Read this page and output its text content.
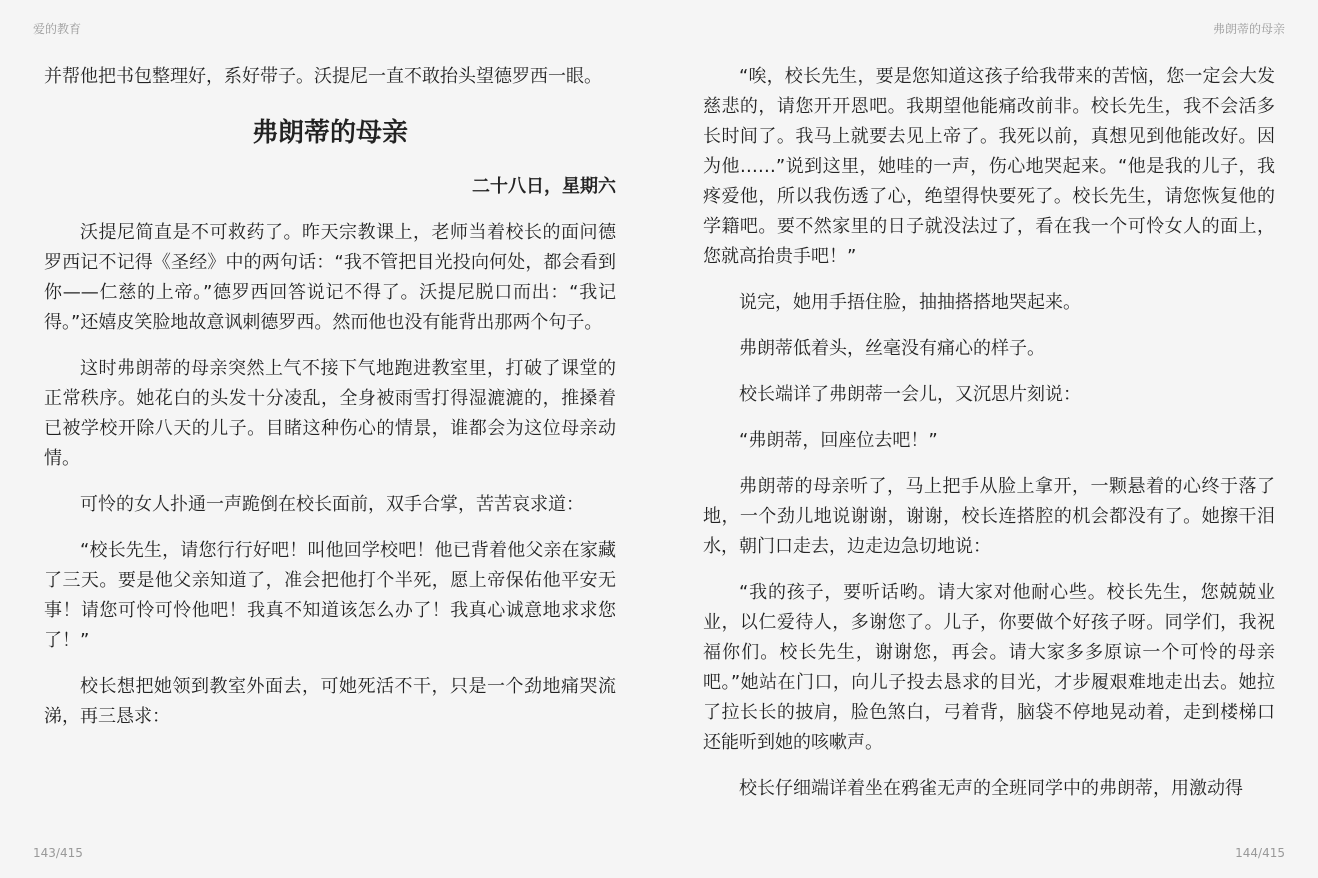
爱的教育

并帮他把书包整理好，系好带子。沃提尼一直不敢抬头望德罗西一眼。

弗朗蒂的母亲

二十八日，星期六

沃提尼简直是不可救药了。昨天宗教课上，老师当着校长的面问德罗西记不记得《圣经》中的两句话：“我不管把目光投向何处，都会看到你——仁慈的上帝。”德罗西回答说记不得了。沃提尼脱口而出：“我记得。”还嬉皮笑脸地故意讽刺德罗西。然而他也没有能背出那两个句子。

这时弗朗蒂的母亲突然上气不接下气地跑进教室里，打破了课堂的正常秩序。她花白的头发十分凌乱，全身被雨雪打得湿漉漉的，推搡着已被学校开除八天的儿子。目睹这种伤心的情景，谁都会为这位母亲动情。

可怜的女人扑通一声跪倒在校长面前，双手合掌，苦苦哀求道：

“校长先生，请您行行好吧！叫他回学校吧！他已背着他父亲在家藏了三天。要是他父亲知道了，准会把他打个半死，愿上帝保佑他平安无事！请您可怜可怜他吧！我真不知道该怎么办了！我真心诚意地求求您了！”

校长想把她领到教室外面去，可她死活不干，只是一个劲地痛哭流涕，再三恳求：

143/415
弗朗蒂的母亲

“唉，校长先生，要是您知道这孩子给我带来的苦恼，您一定会大发慈悲的，请您开开恩吧。我期望他能痛改前非。校长先生，我不会活多长时间了。我马上就要去见上帝了。我死以前，真想见到他能改好。因为他……”说到这里，她哇的一声，伤心地哭起来。“他是我的儿子，我疼爱他，所以我伤透了心，绝望得快要死了。校长先生，请您恢复他的学籍吧。要不然家里的日子就没法过了，看在我一个可怜女人的面上，您就高抬贵手吧！”

说完，她用手捂住脸，抽抽搭搭地哭起来。

弗朗蒂低着头，丝毫没有痛心的样子。

校长端详了弗朗蒂一会儿，又沉思片刻说：

“弗朗蒂，回座位去吧！”

弗朗蒂的母亲听了，马上把手从脸上拿开，一颗悬着的心终于落了地，一个劲儿地说谢谢，谢谢，校长连搭腔的机会都没有了。她擦干泪水，朝门口走去，边走边急切地说：

“我的孩子，要听话哟。请大家对他耐心些。校长先生，您兢兢业业，以仁爱待人，多谢您了。儿子，你要做个好孩子呀。同学们，我祝福你们。校长先生，谢谢您，再会。请大家多多原谅一个可怜的母亲吧。”她站在门口，向儿子投去恳求的目光，才步履艰难地走出去。她拉了拉长长的披肩，脸色煞白，弓着背，脑袋不停地晃动着，走到楼梯口还能听到她的咳嗽声。

校长仔细端详着坐在鸦雀无声的全班同学中的弗朗蒂，用激动得

144/415
